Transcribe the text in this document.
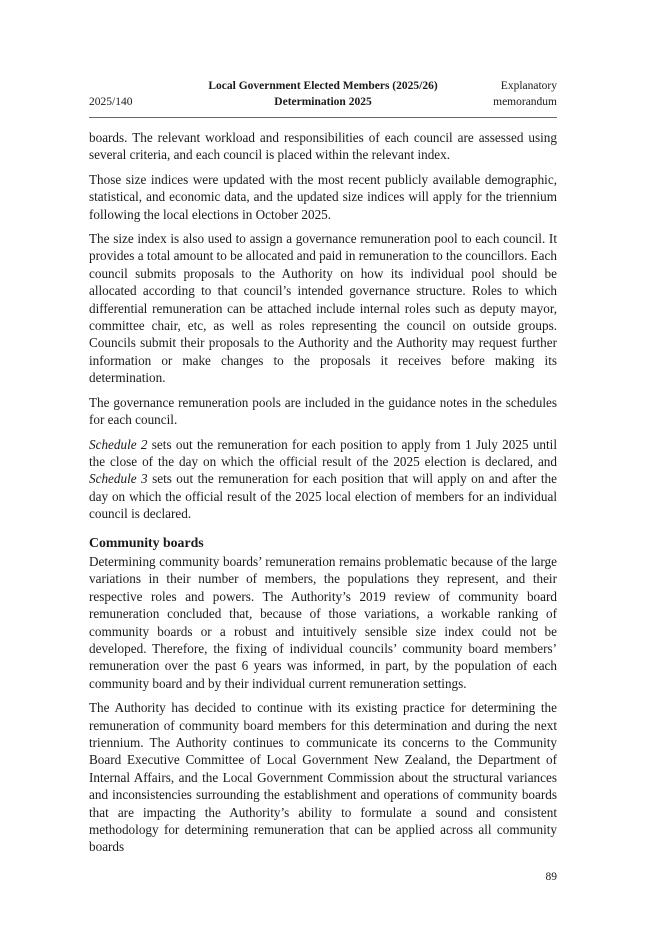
2025/140
Local Government Elected Members (2025/26)
Determination 2025
Explanatory
memorandum

boards. The relevant workload and responsibilities of each council are assessed using several criteria, and each council is placed within the relevant index.

Those size indices were updated with the most recent publicly available demographic, statistical, and economic data, and the updated size indices will apply for the triennium following the local elections in October 2025.

The size index is also used to assign a governance remuneration pool to each council. It provides a total amount to be allocated and paid in remuneration to the councillors. Each council submits proposals to the Authority on how its individual pool should be allocated according to that council’s intended governance structure. Roles to which differential remuneration can be attached include internal roles such as deputy mayor, committee chair, etc, as well as roles representing the council on outside groups. Councils submit their proposals to the Authority and the Authority may request further information or make changes to the proposals it receives before making its determination.

The governance remuneration pools are included in the guidance notes in the schedules for each council.

Schedule 2 sets out the remuneration for each position to apply from 1 July 2025 until the close of the day on which the official result of the 2025 election is declared, and Schedule 3 sets out the remuneration for each position that will apply on and after the day on which the official result of the 2025 local election of members for an individual council is declared.

Community boards

Determining community boards’ remuneration remains problematic because of the large variations in their number of members, the populations they represent, and their respective roles and powers. The Authority’s 2019 review of community board remuneration concluded that, because of those variations, a workable ranking of community boards or a robust and intuitively sensible size index could not be developed. Therefore, the fixing of individual councils’ community board members’ remuneration over the past 6 years was informed, in part, by the population of each community board and by their individual current remuneration settings.

The Authority has decided to continue with its existing practice for determining the remuneration of community board members for this determination and during the next triennium. The Authority continues to communicate its concerns to the Community Board Executive Committee of Local Government New Zealand, the Department of Internal Affairs, and the Local Government Commission about the structural variances and inconsistencies surrounding the establishment and operations of community boards that are impacting the Authority’s ability to formulate a sound and consistent methodology for determining remuneration that can be applied across all community boards

89
